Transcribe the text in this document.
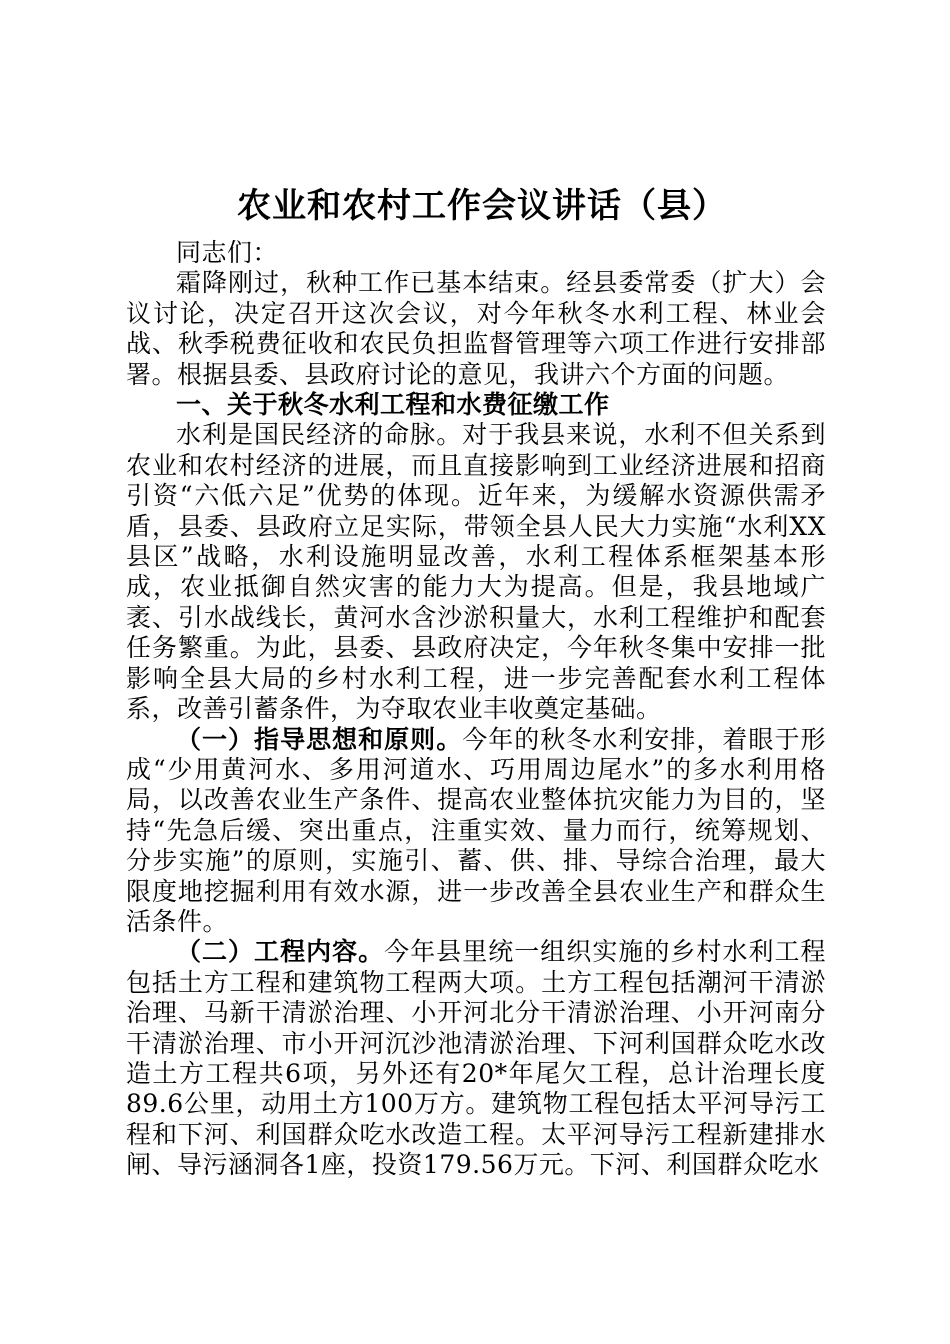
农业和农村工作会议讲话（县）

同志们：

霜降刚过，秋种工作已基本结束。经县委常委（扩大）会议讨论，决定召开这次会议，对今年秋冬水利工程、林业会战、秋季税费征收和农民负担监督管理等六项工作进行安排部署。根据县委、县政府讨论的意见，我讲六个方面的问题。

一、关于秋冬水利工程和水费征缴工作

水利是国民经济的命脉。对于我县来说，水利不但关系到农业和农村经济的进展，而且直接影响到工业经济进展和招商引资“六低六足”优势的体现。近年来，为缓解水资源供需矛盾，县委、县政府立足实际，带领全县人民大力实施“水利XX县区”战略，水利设施明显改善，水利工程体系框架基本形成，农业抵御自然灾害的能力大为提高。但是，我县地域广袤、引水战线长，黄河水含沙淤积量大，水利工程维护和配套任务繁重。为此，县委、县政府决定，今年秋冬集中安排一批影响全县大局的乡村水利工程，进一步完善配套水利工程体系，改善引蓄条件，为夺取农业丰收奠定基础。

（一）指导思想和原则。今年的秋冬水利安排，着眼于形成“少用黄河水、多用河道水、巧用周边尾水”的多水利用格局，以改善农业生产条件、提高农业整体抗灾能力为目的，坚持“先急后缓、突出重点，注重实效、量力而行，统筹规划、分步实施”的原则，实施引、蓄、供、排、导综合治理，最大限度地挖掘利用有效水源，进一步改善全县农业生产和群众生活条件。

（二）工程内容。今年县里统一组织实施的乡村水利工程包括土方工程和建筑物工程两大项。土方工程包括潮河干清淤治理、马新干清淤治理、小开河北分干清淤治理、小开河南分干清淤治理、市小开河沉沙池清淤治理、下河利国群众吃水改造土方工程共6项，另外还有20*年尾欠工程，总计治理长度89.6公里，动用土方100万方。建筑物工程包括太平河导污工程和下河、利国群众吃水改造工程。太平河导污工程新建排水闸、导污涵洞各1座，投资179.56万元。下河、利国群众吃水
